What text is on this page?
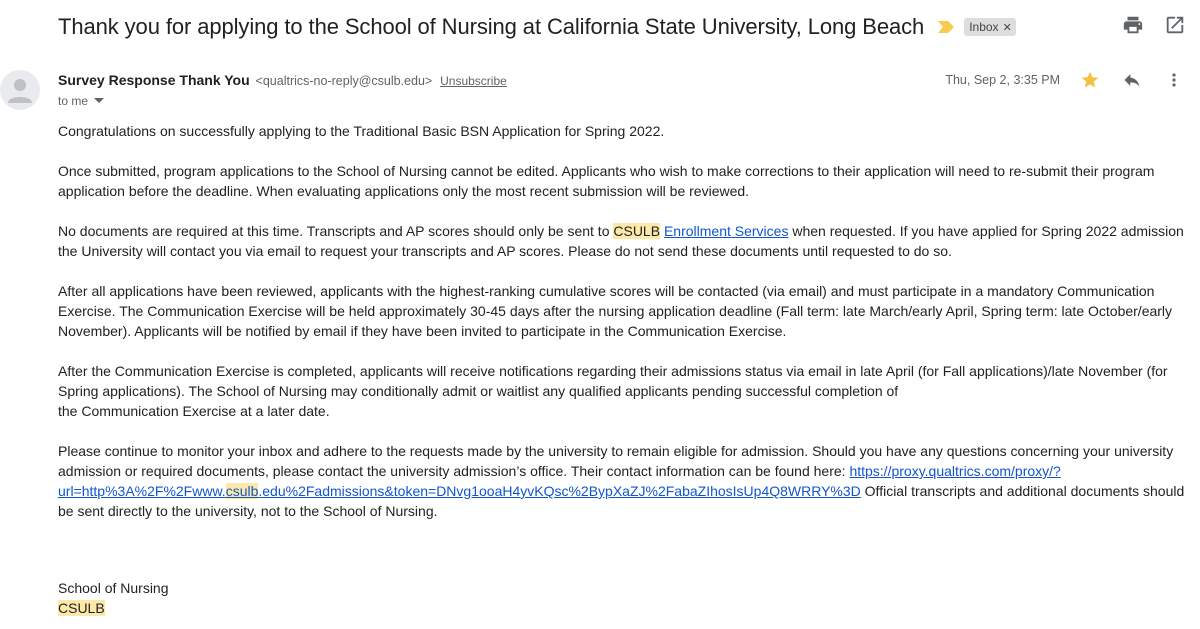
Thank you for applying to the School of Nursing at California State University, Long Beach	Inbox ✕
Survey Response Thank You <qualtrics-no-reply@csulb.edu> Unsubscribe
to me
Thu, Sep 2, 3:35 PM

Congratulations on successfully applying to the Traditional Basic BSN Application for Spring 2022.

Once submitted, program applications to the School of Nursing cannot be edited. Applicants who wish to make corrections to their application will need to re-submit their program application before the deadline. When evaluating applications only the most recent submission will be reviewed.

No documents are required at this time. Transcripts and AP scores should only be sent to CSULB Enrollment Services when requested. If you have applied for Spring 2022 admission the University will contact you via email to request your transcripts and AP scores. Please do not send these documents until requested to do so.

After all applications have been reviewed, applicants with the highest-ranking cumulative scores will be contacted (via email) and must participate in a mandatory Communication Exercise. The Communication Exercise will be held approximately 30-45 days after the nursing application deadline (Fall term: late March/early April, Spring term: late October/early November). Applicants will be notified by email if they have been invited to participate in the Communication Exercise.

After the Communication Exercise is completed, applicants will receive notifications regarding their admissions status via email in late April (for Fall applications)/late November (for Spring applications). The School of Nursing may conditionally admit or waitlist any qualified applicants pending successful completion of
the Communication Exercise at a later date.

Please continue to monitor your inbox and adhere to the requests made by the university to remain eligible for admission. Should you have any questions concerning your university admission or required documents, please contact the university admission’s office. Their contact information can be found here: https://proxy.qualtrics.com/proxy/?url=http%3A%2F%2Fwww.csulb.edu%2Fadmissions&token=DNvg1ooaH4yvKQsc%2BypXaZJ%2FabaZIhosIsUp4Q8WRRY%3D Official transcripts and additional documents should be sent directly to the university, not to the School of Nursing.

School of Nursing
CSULB
